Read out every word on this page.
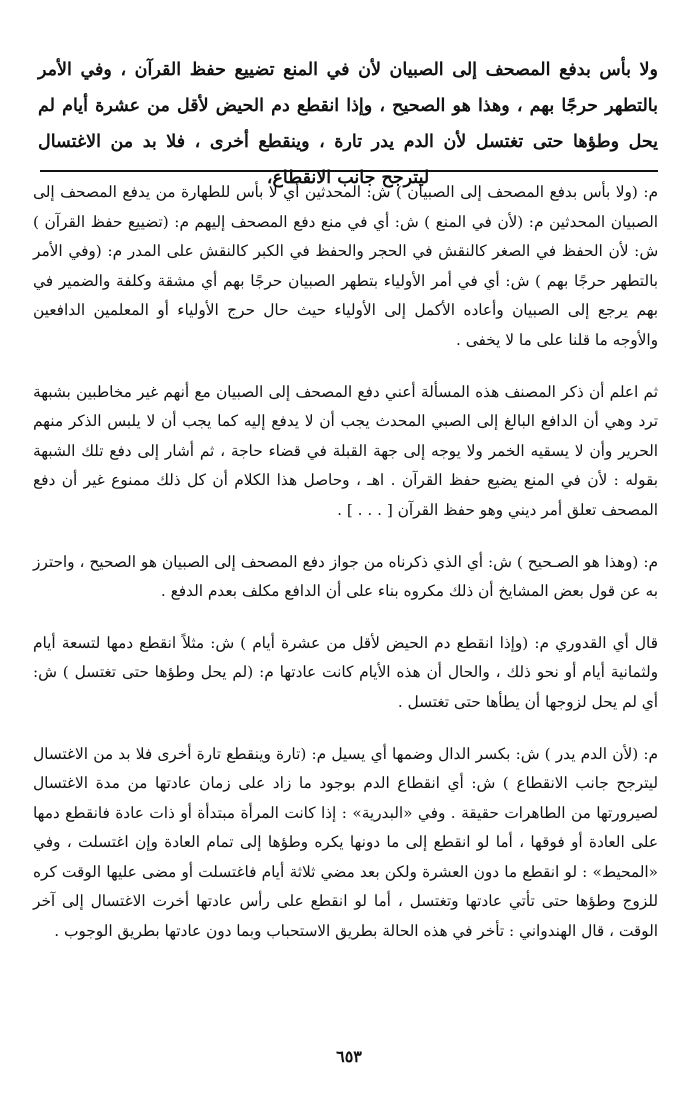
ولا بأس بدفع المصحف إلى الصبيان لأن في المنع تضييع حفظ القرآن ، وفي الأمر بالتطهر حرجًا بهم ، وهذا هو الصحيح ، وإذا انقطع دم الحيض لأقل من عشرة أيام لم يحل وطؤها حتى تغتسل لأن الدم يدر تارة ، وينقطع أخرى ، فلا بد من الاغتسال ليترجح جانب الانقطاع،

م: (ولا بأس بدفع المصحف إلى الصبيان ) ش: المحدثين أي لا بأس للطهارة من يدفع المصحف إلى الصبيان المحدثين م: (لأن في المنع ) ش: أي في منع دفع المصحف إليهم م: (تضييع حفظ القرآن ) ش: لأن الحفظ في الصغر كالنقش في الحجر والحفظ في الكبر كالنقش على المدر م: (وفي الأمر بالتطهر حرجًا بهم ) ش: أي في أمر الأولياء بتطهر الصبيان حرجًا بهم أي مشقة وكلفة والضمير في بهم يرجع إلى الصبيان وأعاده الأكمل إلى الأولياء حيث حال حرج الأولياء أو المعلمين الدافعين والأوجه ما قلنا على ما لا يخفى .

ثم اعلم أن ذكر المصنف هذه المسألة أعني دفع المصحف إلى الصبيان مع أنهم غير مخاطبين بشبهة ترد وهي أن الدافع البالغ إلى الصبي المحدث يجب أن لا يدفع إليه كما يجب أن لا يلبس الذكر منهم الحرير وأن لا يسقيه الخمر ولا يوجه إلى جهة القبلة في قضاء حاجة ، ثم أشار إلى دفع تلك الشبهة بقوله : لأن في المنع يضيع حفظ القرآن . اهـ ، وحاصل هذا الكلام أن كل ذلك ممنوع غير أن دفع المصحف تعلق أمر ديني وهو حفظ القرآن [ . . . ] .

م: (وهذا هو الصـحيح ) ش: أي الذي ذكرناه من جواز دفع المصحف إلى الصبيان هو الصحيح ، واحترز به عن قول بعض المشايخ أن ذلك مكروه بناء على أن الدافع مكلف بعدم الدفع .

قال أي القدوري م: (وإذا انقطع دم الحيض لأقل من عشرة أيام ) ش: مثلاً انقطع دمها لتسعة أيام ولثمانية أيام أو نحو ذلك ، والحال أن هذه الأيام كانت عادتها م: (لم يحل وطؤها حتى تغتسل ) ش: أي لم يحل لزوجها أن يطأها حتى تغتسل .

م: (لأن الدم يدر ) ش: بكسر الدال وضمها أي يسيل م: (تارة وينقطع تارة أخرى فلا بد من الاغتسال ليترجح جانب الانقطاع ) ش: أي انقطاع الدم بوجود ما زاد على زمان عادتها من مدة الاغتسال لصيرورتها من الطاهرات حقيقة . وفي «البدرية» : إذا كانت المرأة مبتدأة أو ذات عادة فانقطع دمها على العادة أو فوقها ، أما لو انقطع إلى ما دونها يكره وطؤها إلى تمام العادة وإن اغتسلت ، وفي «المحيط» : لو انقطع ما دون العشرة ولكن بعد مضي ثلاثة أيام فاغتسلت أو مضى عليها الوقت كره للزوج وطؤها حتى تأتي عادتها وتغتسل ، أما لو انقطع على رأس عادتها أخرت الاغتسال إلى آخر الوقت ، قال الهندواني : تأخر في هذه الحالة بطريق الاستحباب وبما دون عادتها بطريق الوجوب .

٦٥٣
